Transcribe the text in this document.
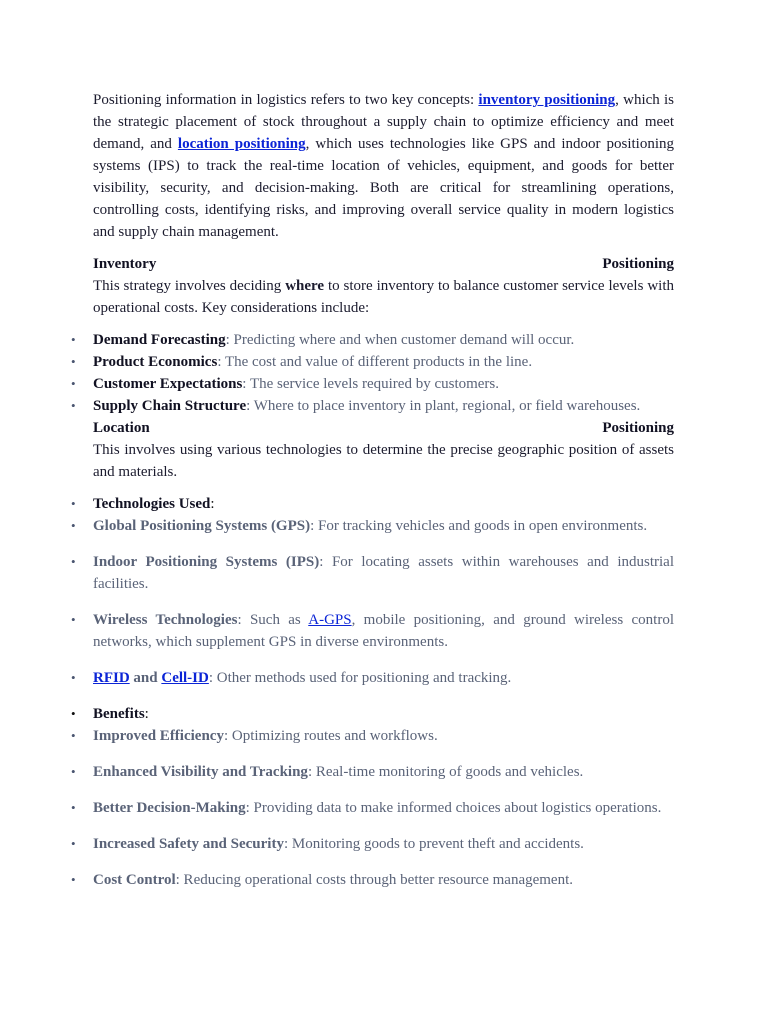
Positioning information in logistics refers to two key concepts: inventory positioning, which is the strategic placement of stock throughout a supply chain to optimize efficiency and meet demand, and location positioning, which uses technologies like GPS and indoor positioning systems (IPS) to track the real-time location of vehicles, equipment, and goods for better visibility, security, and decision-making. Both are critical for streamlining operations, controlling costs, identifying risks, and improving overall service quality in modern logistics and supply chain management.

Inventory	Positioning

This strategy involves deciding where to store inventory to balance customer service levels with operational costs. Key considerations include:

• Demand Forecasting: Predicting where and when customer demand will occur.
• Product Economics: The cost and value of different products in the line.
• Customer Expectations: The service levels required by customers.
• Supply Chain Structure: Where to place inventory in plant, regional, or field warehouses.
Location	Positioning

This involves using various technologies to determine the precise geographic position of assets and materials.

• Technologies Used:
• Global Positioning Systems (GPS): For tracking vehicles and goods in open environments.
• Indoor Positioning Systems (IPS): For locating assets within warehouses and industrial facilities.
• Wireless Technologies: Such as A-GPS, mobile positioning, and ground wireless control networks, which supplement GPS in diverse environments.
• RFID and Cell-ID: Other methods used for positioning and tracking.
• Benefits:
• Improved Efficiency: Optimizing routes and workflows.
• Enhanced Visibility and Tracking: Real-time monitoring of goods and vehicles.
• Better Decision-Making: Providing data to make informed choices about logistics operations.
• Increased Safety and Security: Monitoring goods to prevent theft and accidents.
• Cost Control: Reducing operational costs through better resource management.
